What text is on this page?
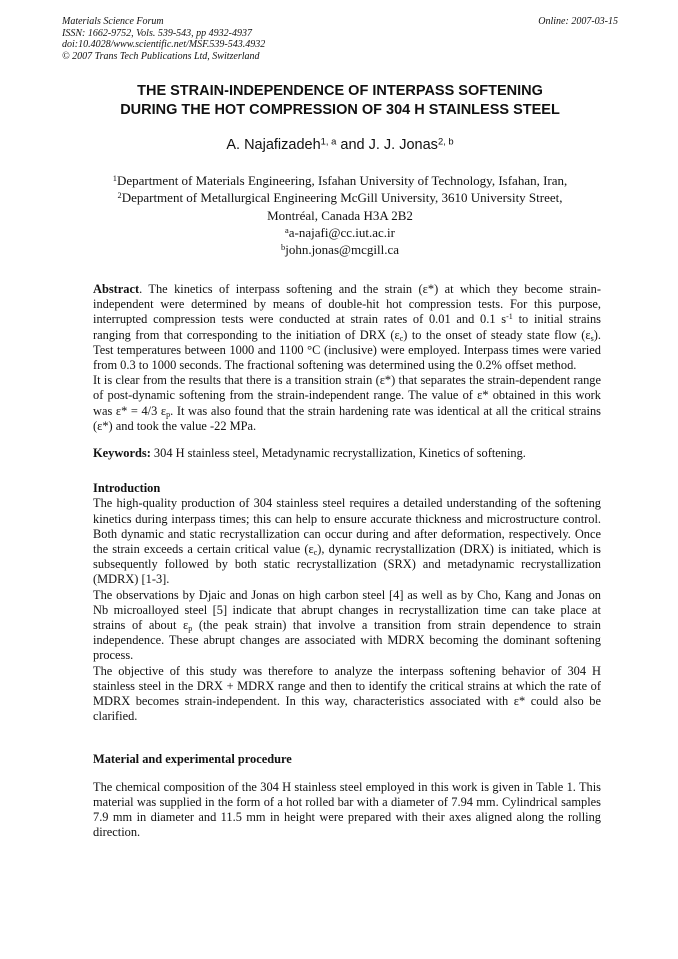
Materials Science Forum
ISSN: 1662-9752, Vols. 539-543, pp 4932-4937
doi:10.4028/www.scientific.net/MSF.539-543.4932
© 2007 Trans Tech Publications Ltd, Switzerland
Online: 2007-03-15
THE STRAIN-INDEPENDENCE OF INTERPASS SOFTENING
DURING THE HOT COMPRESSION OF 304 H STAINLESS STEEL
A. Najafizadeh$^{1, a}$ and J. J. Jonas$^{2, b}$
$^1$Department of Materials Engineering, Isfahan University of Technology, Isfahan, Iran,
$^2$Department of Metallurgical Engineering McGill University, 3610 University Street,
Montréal, Canada H3A 2B2
$^a$a-najafi@cc.iut.ac.ir
$^b$john.jonas@mcgill.ca

Abstract. The kinetics of interpass softening and the strain (ε*) at which they become strain-independent were determined by means of double-hit hot compression tests. For this purpose, interrupted compression tests were conducted at strain rates of 0.01 and 0.1 $s^{-1}$ to initial strains ranging from that corresponding to the initiation of DRX $(\varepsilon_c)$ to the onset of steady state flow $(\varepsilon_s)$. Test temperatures between 1000 and 1100 °C (inclusive) were employed. Interpass times were varied from 0.3 to 1000 seconds. The fractional softening was determined using the 0.2% offset method.

It is clear from the results that there is a transition strain (ε*) that separates the strain-dependent range of post-dynamic softening from the strain-independent range. The value of ε* obtained in this work was ε* = 4/3 $\varepsilon_p$. It was also found that the strain hardening rate was identical at all the critical strains (ε*) and took the value -22 MPa.

Keywords: 304 H stainless steel, Metadynamic recrystallization, Kinetics of softening.

Introduction

The high-quality production of 304 stainless steel requires a detailed understanding of the softening kinetics during interpass times; this can help to ensure accurate thickness and microstructure control. Both dynamic and static recrystallization can occur during and after deformation, respectively. Once the strain exceeds a certain critical value $(\varepsilon_c)$, dynamic recrystallization (DRX) is initiated, which is subsequently followed by both static recrystallization (SRX) and metadynamic recrystallization (MDRX) [1-3].

The observations by Djaic and Jonas on high carbon steel [4] as well as by Cho, Kang and Jonas on Nb microalloyed steel [5] indicate that abrupt changes in recrystallization time can take place at strains of about $\varepsilon_p$ (the peak strain) that involve a transition from strain dependence to strain independence. These abrupt changes are associated with MDRX becoming the dominant softening process.

The objective of this study was therefore to analyze the interpass softening behavior of 304 H stainless steel in the DRX + MDRX range and then to identify the critical strains at which the rate of MDRX becomes strain-independent. In this way, characteristics associated with ε* could also be clarified.

Material and experimental procedure

The chemical composition of the 304 H stainless steel employed in this work is given in Table 1. This material was supplied in the form of a hot rolled bar with a diameter of 7.94 mm. Cylindrical samples 7.9 mm in diameter and 11.5 mm in height were prepared with their axes aligned along the rolling direction.
